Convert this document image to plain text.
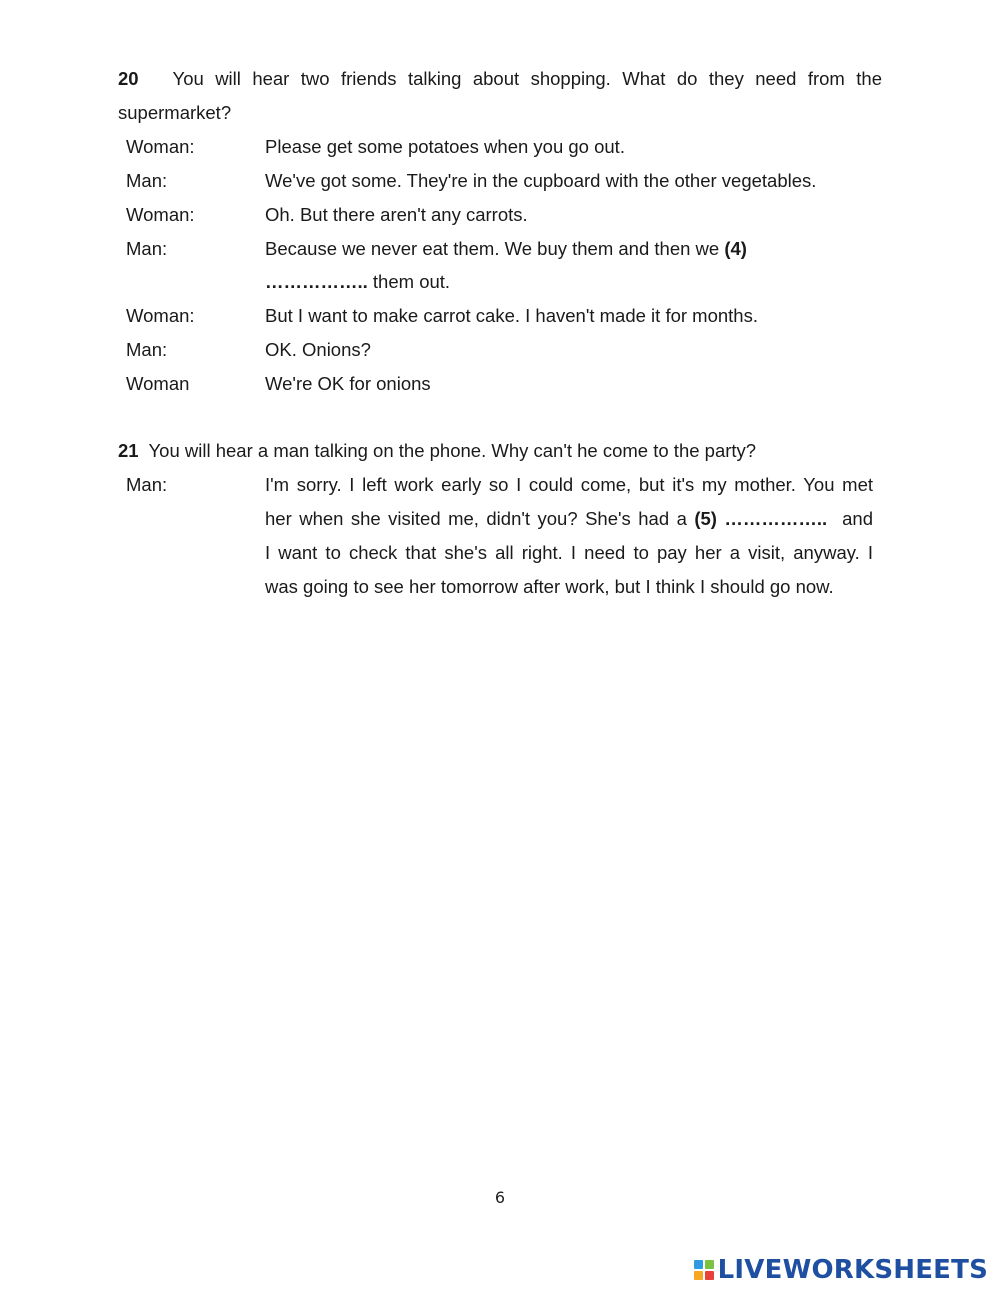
20 You will hear two friends talking about shopping. What do they need from the supermarket?
Woman:	Please get some potatoes when you go out.
Man:	We've got some. They're in the cupboard with the other vegetables.
Woman:	Oh. But there aren't any carrots.
Man:	Because we never eat them. We buy them and then we (4)
…………….. them out.
Woman:	But I want to make carrot cake. I haven't made it for months.
Man:	OK. Onions?
Woman	We're OK for onions
21 You will hear a man talking on the phone. Why can't he come to the party?
Man:	I'm sorry. I left work early so I could come, but it's my mother. You met
her when she visited me, didn't you? She's had a (5) …………….. and
I want to check that she's all right. I need to pay her a visit, anyway. I
was going to see her tomorrow after work, but I think I should go now.
6
LIVEWORKSHEETS
